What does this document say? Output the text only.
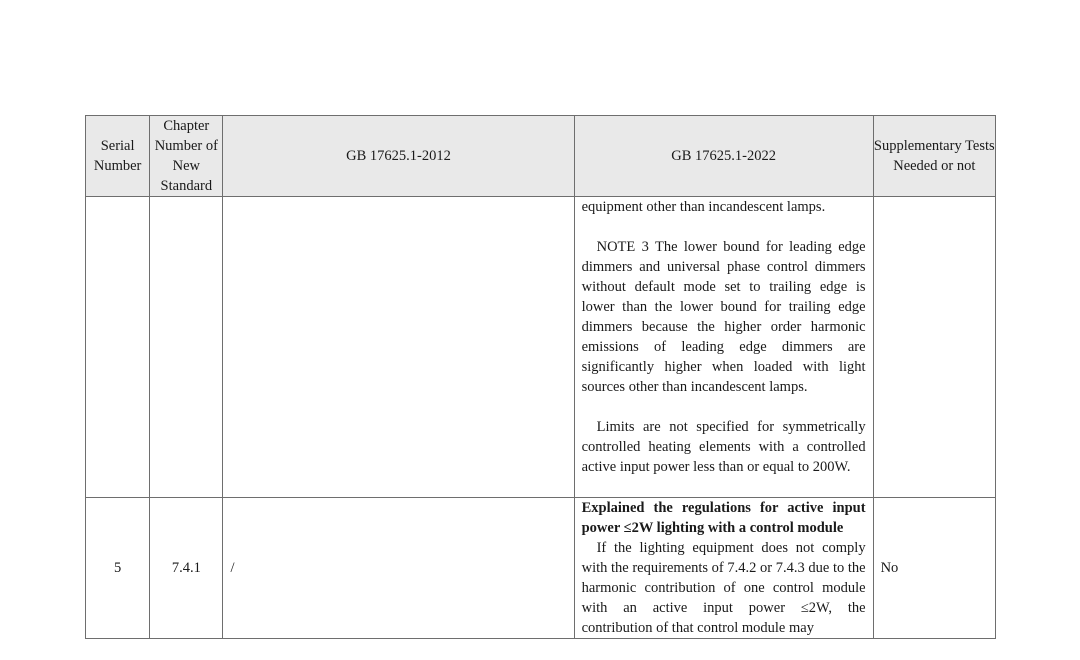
Serial Number	Chapter Number of New Standard	GB 17625.1-2012	GB 17625.1-2022	Supplementary Tests Needed or not

			equipment other than incandescent lamps.
NOTE 3 The lower bound for leading edge dimmers and universal phase control dimmers without default mode set to trailing edge is lower than the lower bound for trailing edge dimmers because the higher order harmonic emissions of leading edge dimmers are significantly higher when loaded with light sources other than incandescent lamps.
Limits are not specified for symmetrically controlled heating elements with a controlled active input power less than or equal to 200W.	

5	7.4.1	/	Explained the regulations for active input power ≤2W lighting with a control module
If the lighting equipment does not comply with the requirements of 7.4.2 or 7.4.3 due to the harmonic contribution of one control module with an active input power ≤2W, the contribution of that control module may	No
